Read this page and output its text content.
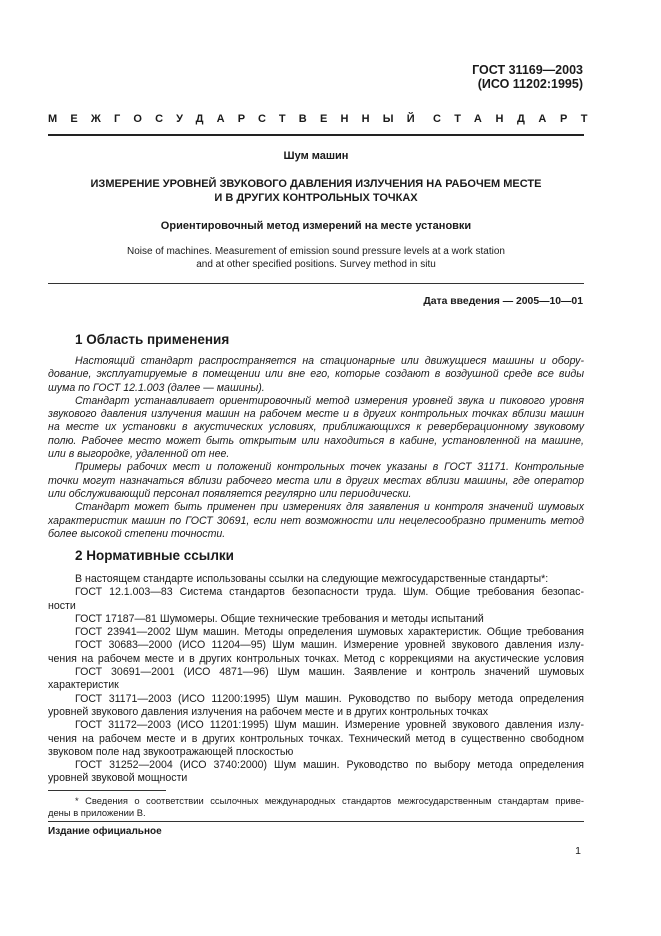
ГОСТ 31169—2003
(ИСО 11202:1995)
МЕЖГОСУДАРСТВЕННЫЙ СТАНДАРТ
Шум машин
ИЗМЕРЕНИЕ УРОВНЕЙ ЗВУКОВОГО ДАВЛЕНИЯ ИЗЛУЧЕНИЯ НА РАБОЧЕМ МЕСТЕ
И В ДРУГИХ КОНТРОЛЬНЫХ ТОЧКАХ
Ориентировочный метод измерений на месте установки
Noise of machines. Measurement of emission sound pressure levels at a work station
and at other specified positions. Survey method in situ
Дата введения — 2005—10—01
1 Область применения
Настоящий стандарт распространяется на стационарные или движущиеся машины и обору-
дование, эксплуатируемые в помещении или вне его, которые создают в воздушной среде все виды
шума по ГОСТ 12.1.003 (далее — машины).
Стандарт устанавливает ориентировочный метод измерения уровней звука и пикового уровня
звукового давления излучения машин на рабочем месте и в других контрольных точках вблизи машин
на месте их установки в акустических условиях, приближающихся к реверберационному звуковому
полю. Рабочее место может быть открытым или находиться в кабине, установленной на машине,
или в выгородке, удаленной от нее.
Примеры рабочих мест и положений контрольных точек указаны в ГОСТ 31171. Контрольные
точки могут назначаться вблизи рабочего места или в других местах вблизи машины, где оператор
или обслуживающий персонал появляется регулярно или периодически.
Стандарт может быть применен при измерениях для заявления и контроля значений шумовых
характеристик машин по ГОСТ 30691, если нет возможности или нецелесообразно применить метод
более высокой степени точности.
2 Нормативные ссылки
В настоящем стандарте использованы ссылки на следующие межгосударственные стандарты*:
ГОСТ 12.1.003—83 Система стандартов безопасности труда. Шум. Общие требования безопас-
ности
ГОСТ 17187—81 Шумомеры. Общие технические требования и методы испытаний
ГОСТ 23941—2002 Шум машин. Методы определения шумовых характеристик. Общие требования
ГОСТ 30683—2000 (ИСО 11204—95) Шум машин. Измерение уровней звукового давления излу-
чения на рабочем месте и в других контрольных точках. Метод с коррекциями на акустические условия
ГОСТ 30691—2001 (ИСО 4871—96) Шум машин. Заявление и контроль значений шумовых
характеристик
ГОСТ 31171—2003 (ИСО 11200:1995) Шум машин. Руководство по выбору метода определения
уровней звукового давления излучения на рабочем месте и в других контрольных точках
ГОСТ 31172—2003 (ИСО 11201:1995) Шум машин. Измерение уровней звукового давления излу-
чения на рабочем месте и в других контрольных точках. Технический метод в существенно свободном
звуковом поле над звукоотражающей плоскостью
ГОСТ 31252—2004 (ИСО 3740:2000) Шум машин. Руководство по выбору метода определения
уровней звуковой мощности
* Сведения о соответствии ссылочных международных стандартов межгосударственным стандартам приве-
дены в приложении В.
Издание официальное
1
